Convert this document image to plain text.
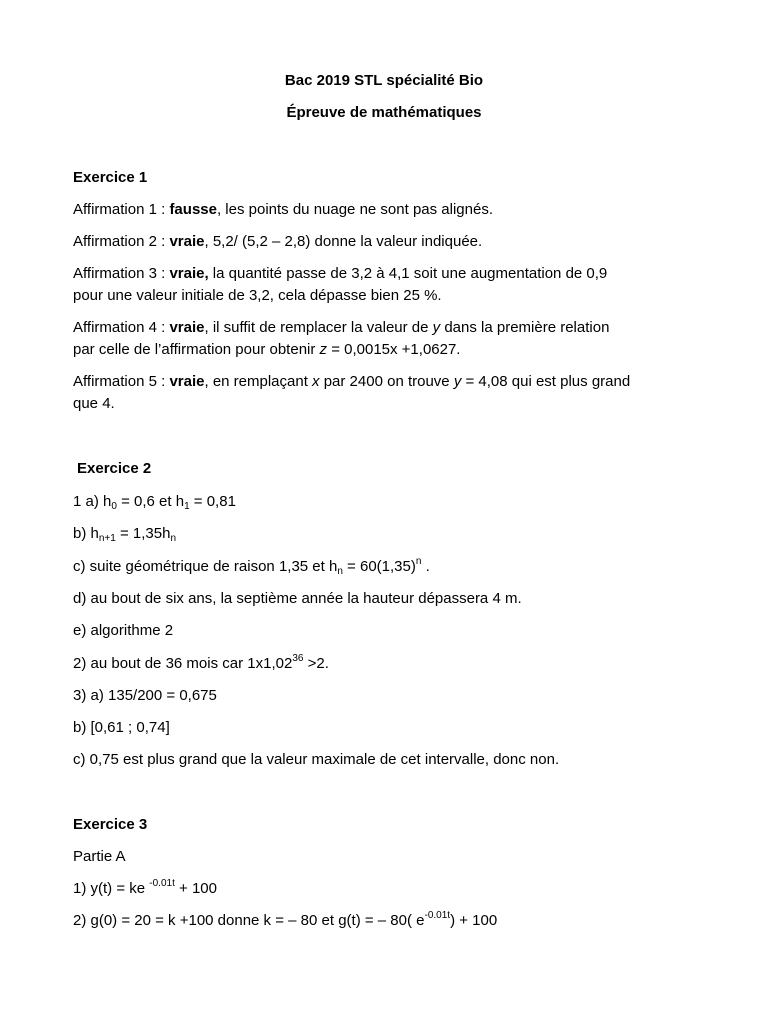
Bac 2019 STL spécialité Bio
Épreuve de mathématiques
Exercice 1
Affirmation 1 : fausse, les points du nuage ne sont pas alignés.
Affirmation 2 : vraie, 5,2/ (5,2 – 2,8) donne la valeur indiquée.
Affirmation 3 : vraie, la quantité passe de 3,2 à 4,1 soit une augmentation de 0,9
pour une valeur initiale de 3,2, cela dépasse bien 25 %.
Affirmation 4 : vraie, il suffit de remplacer la valeur de y dans la première relation
par celle de l’affirmation pour obtenir z = 0,0015x +1,0627.
Affirmation 5 : vraie, en remplaçant x par 2400 on trouve y = 4,08 qui est plus grand
que 4.
Exercice 2
1 a) $h_0 = 0,6$ et $h_1 = 0,81$
b) $h_{n+1} = 1,35h_n$
c) suite géométrique de raison 1,35 et $h_n = 60(1,35)^n$ .
d) au bout de six ans, la septième année la hauteur dépassera 4 m.
e) algorithme 2
2) au bout de 36 mois car $1x1,02^{36} >2$.
3) a) 135/200 = 0,675
b) [0,61 ; 0,74]
c) 0,75 est plus grand que la valeur maximale de cet intervalle, donc non.
Exercice 3
Partie A
1) y(t) = ke $^{-0.01t}$ + 100
2) g(0) = 20 = k +100 donne k = – 80 et g(t) = – 80( $e^{-0.01t}) + 100$
